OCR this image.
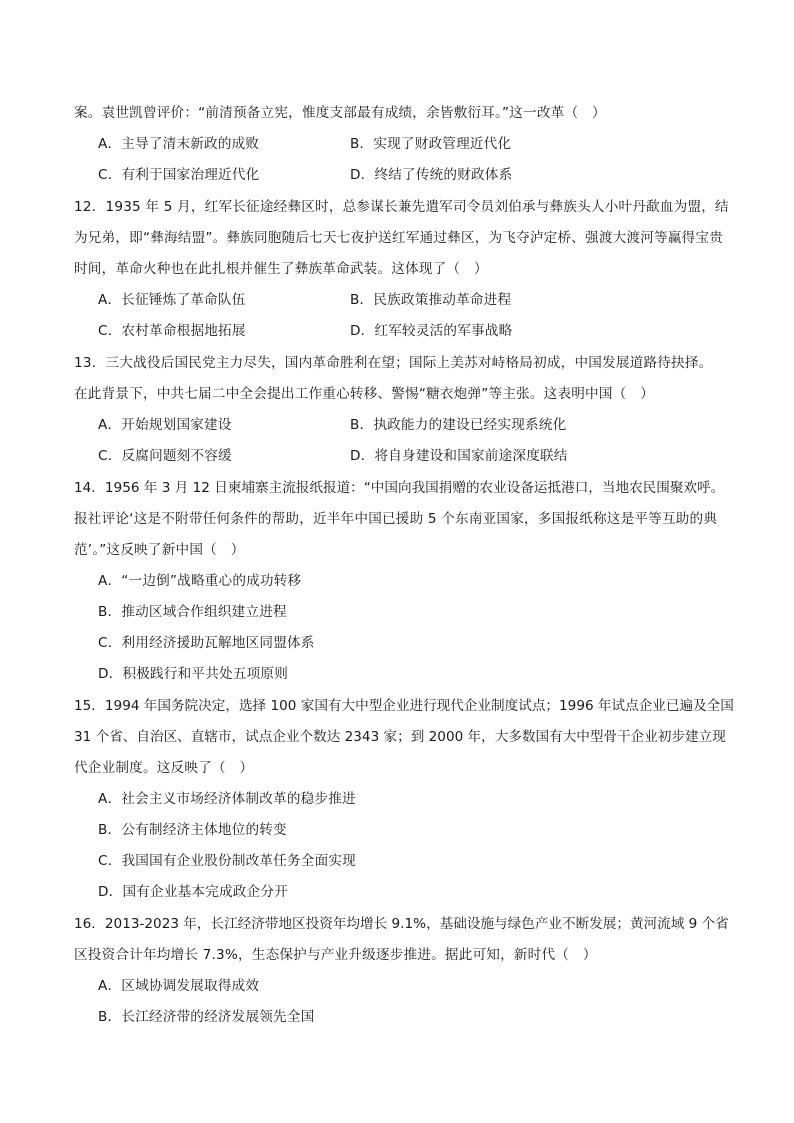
案。袁世凯曾评价：“前清预备立宪，惟度支部最有成绩，余皆敷衍耳。”这一改革（　）
A．主导了清末新政的成败	B．实现了财政管理近代化
C．有利于国家治理近代化	D．终结了传统的财政体系
12．1935 年 5 月，红军长征途经彝区时，总参谋长兼先遣军司令员刘伯承与彝族头人小叶丹歃血为盟，结
为兄弟，即“彝海结盟”。彝族同胞随后七天七夜护送红军通过彝区，为飞夺泸定桥、强渡大渡河等赢得宝贵
时间，革命火种也在此扎根并催生了彝族革命武装。这体现了（　）
A．长征锤炼了革命队伍	B．民族政策推动革命进程
C．农村革命根据地拓展	D．红军较灵活的军事战略
13．三大战役后国民党主力尽失，国内革命胜利在望；国际上美苏对峙格局初成，中国发展道路待抉择。
在此背景下，中共七届二中全会提出工作重心转移、警惕“糖衣炮弹”等主张。这表明中国（　）
A．开始规划国家建设	B．执政能力的建设已经实现系统化
C．反腐问题刻不容缓	D．将自身建设和国家前途深度联结
14．1956 年 3 月 12 日柬埔寨主流报纸报道：“中国向我国捐赠的农业设备运抵港口，当地农民围聚欢呼。
报社评论‘这是不附带任何条件的帮助，近半年中国已援助 5 个东南亚国家，多国报纸称这是平等互助的典
范’。”这反映了新中国（　）
A．“一边倒”战略重心的成功转移
B．推动区域合作组织建立进程
C．利用经济援助瓦解地区同盟体系
D．积极践行和平共处五项原则
15．1994 年国务院决定，选择 100 家国有大中型企业进行现代企业制度试点；1996 年试点企业已遍及全国
31 个省、自治区、直辖市，试点企业个数达 2343 家；到 2000 年，大多数国有大中型骨干企业初步建立现
代企业制度。这反映了（　）
A．社会主义市场经济体制改革的稳步推进
B．公有制经济主体地位的转变
C．我国国有企业股份制改革任务全面实现
D．国有企业基本完成政企分开
16．2013-2023 年，长江经济带地区投资年均增长 9.1%，基础设施与绿色产业不断发展；黄河流域 9 个省
区投资合计年均增长 7.3%，生态保护与产业升级逐步推进。据此可知，新时代（　）
A．区域协调发展取得成效
B．长江经济带的经济发展领先全国
